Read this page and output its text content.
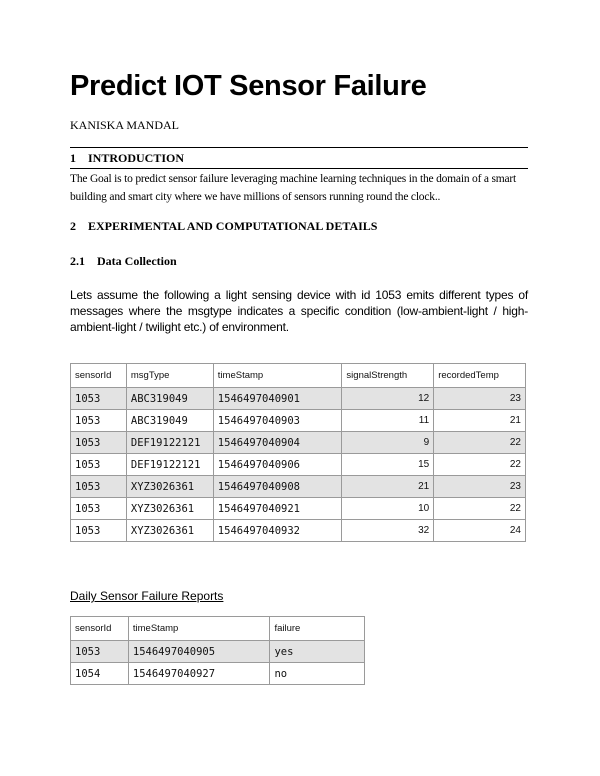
Predict IOT Sensor Failure
KANISKA MANDAL
1 INTRODUCTION

The Goal is to predict sensor failure leveraging machine learning techniques in the domain of a smart building and smart city where we have millions of sensors running round the clock..

2 EXPERIMENTAL AND COMPUTATIONAL DETAILS
2.1 Data Collection

Lets assume the following a light sensing device with id 1053 emits different types of messages where the msgtype indicates a specific condition (low-ambient-light / high-ambient-light / twilight etc.) of environment.

sensorId	msgType	timeStamp	signalStrength	recordedTemp
1053	ABC319049	1546497040901	12	23
1053	ABC319049	1546497040903	11	21
1053	DEF19122121	1546497040904	9	22
1053	DEF19122121	1546497040906	15	22
1053	XYZ3026361	1546497040908	21	23
1053	XYZ3026361	1546497040921	10	22
1053	XYZ3026361	1546497040932	32	24

Daily Sensor Failure Reports

sensorId	timeStamp	failure
1053	1546497040905	yes
1054	1546497040927	no
